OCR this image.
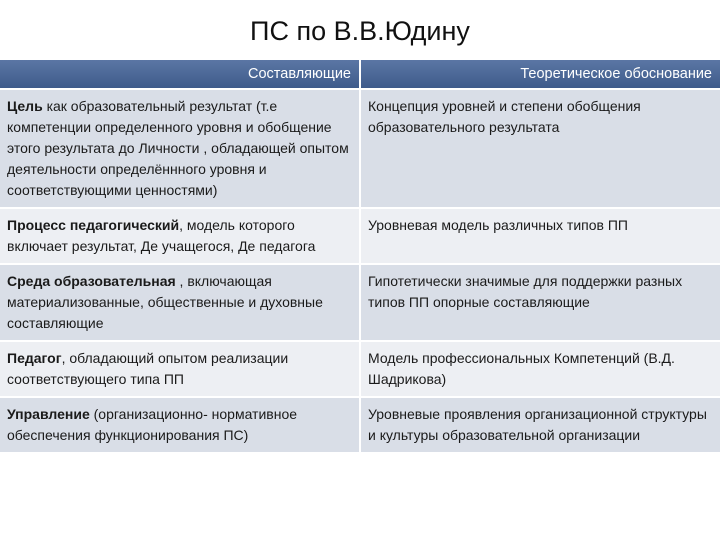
ПС по В.В.Юдину
Составляющие	Теоретическое обоснование
Цель как образовательный результат (т.е компетенции определенного уровня и обобщение этого результата до Личности , обладающей опытом деятельности определённного уровня и соответствующими ценностями)	Концепция уровней и степени обобщения образовательного результата
Процесс педагогический, модель которого включает результат, Де учащегося, Де педагога	Уровневая модель различных типов ПП
Среда образовательная , включающая материализованные, общественные и духовные составляющие	Гипотетически значимые для поддержки разных типов ПП опорные составляющие
Педагог, обладающий опытом реализации соответствующего типа ПП	Модель профессиональных Компетенций (В.Д. Шадрикова)
Управление (организационно- нормативное обеспечения функционирования ПС)	Уровневые проявления организационной структуры и культуры образовательной организации
